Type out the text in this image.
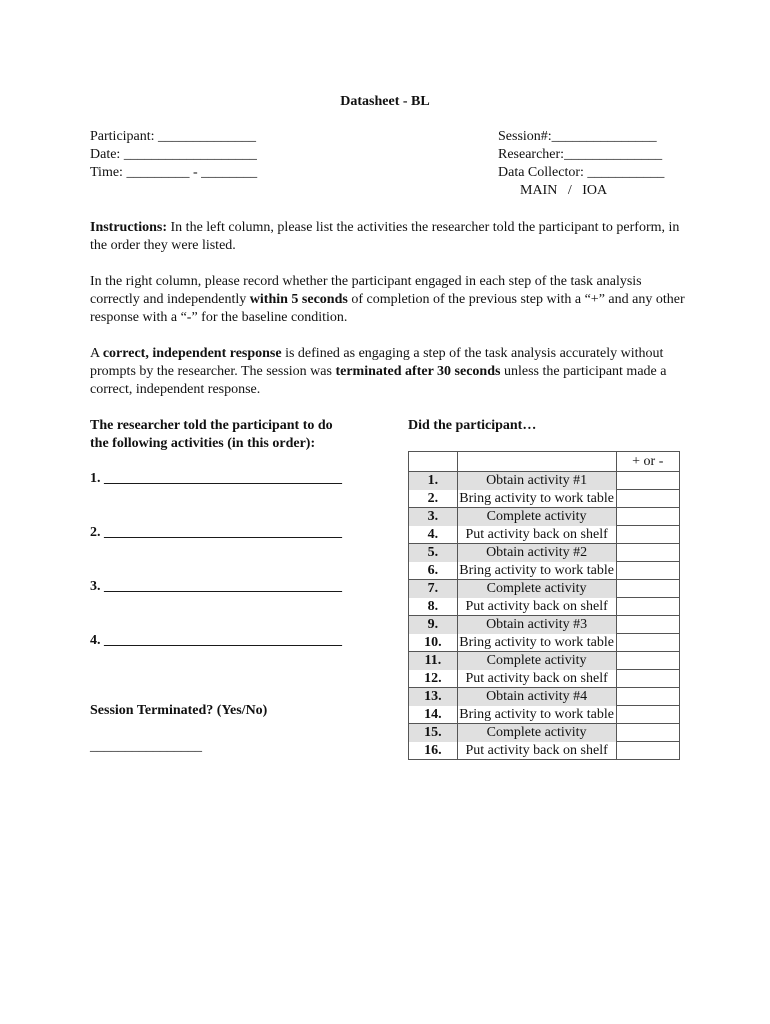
Datasheet - BL
Participant: ______________
Date: ___________________
Time: _________ - ________
Session#:_______________
Researcher:______________
Data Collector: ___________
MAIN   /   IOA
Instructions: In the left column, please list the activities the researcher told the participant to perform, in the order they were listed.
In the right column, please record whether the participant engaged in each step of the task analysis correctly and independently within 5 seconds of completion of the previous step with a “+” and any other response with a “-” for the baseline condition.
A correct, independent response is defined as engaging a step of the task analysis accurately without prompts by the researcher. The session was terminated after 30 seconds unless the participant made a correct, independent response.
The researcher told the participant to do
the following activities (in this order):
1. __________________________________
2. __________________________________
3. __________________________________
4. __________________________________
Session Terminated? (Yes/No)
________________
Did the participant…
		+ or -
1.	Obtain activity #1	
2.	Bring activity to work table	
3.	Complete activity	
4.	Put activity back on shelf	
5.	Obtain activity #2	
6.	Bring activity to work table	
7.	Complete activity	
8.	Put activity back on shelf	
9.	Obtain activity #3	
10.	Bring activity to work table	
11.	Complete activity	
12.	Put activity back on shelf	
13.	Obtain activity #4	
14.	Bring activity to work table	
15.	Complete activity	
16.	Put activity back on shelf	
